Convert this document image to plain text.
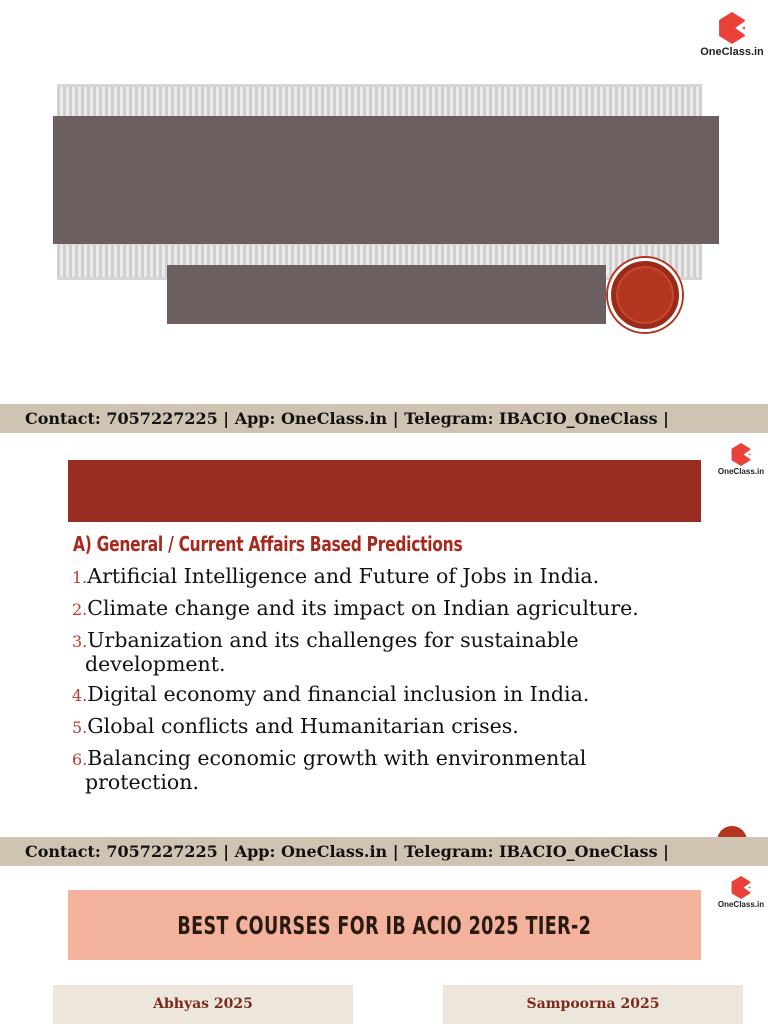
OneClass.in
Contact: 7057227225 | App: OneClass.in | Telegram: IBACIO_OneClass |
OneClass.in
A) General / Current Affairs Based Predictions
1.Artificial Intelligence and Future of Jobs in India.
2.Climate change and its impact on Indian agriculture.
3.Urbanization and its challenges for sustainable
development.
4.Digital economy and financial inclusion in India.
5.Global conflicts and Humanitarian crises.
6.Balancing economic growth with environmental
protection.
Contact: 7057227225 | App: OneClass.in | Telegram: IBACIO_OneClass |
OneClass.in
BEST COURSES FOR IB ACIO 2025 TIER-2
Abhyas 2025	Sampoorna 2025
